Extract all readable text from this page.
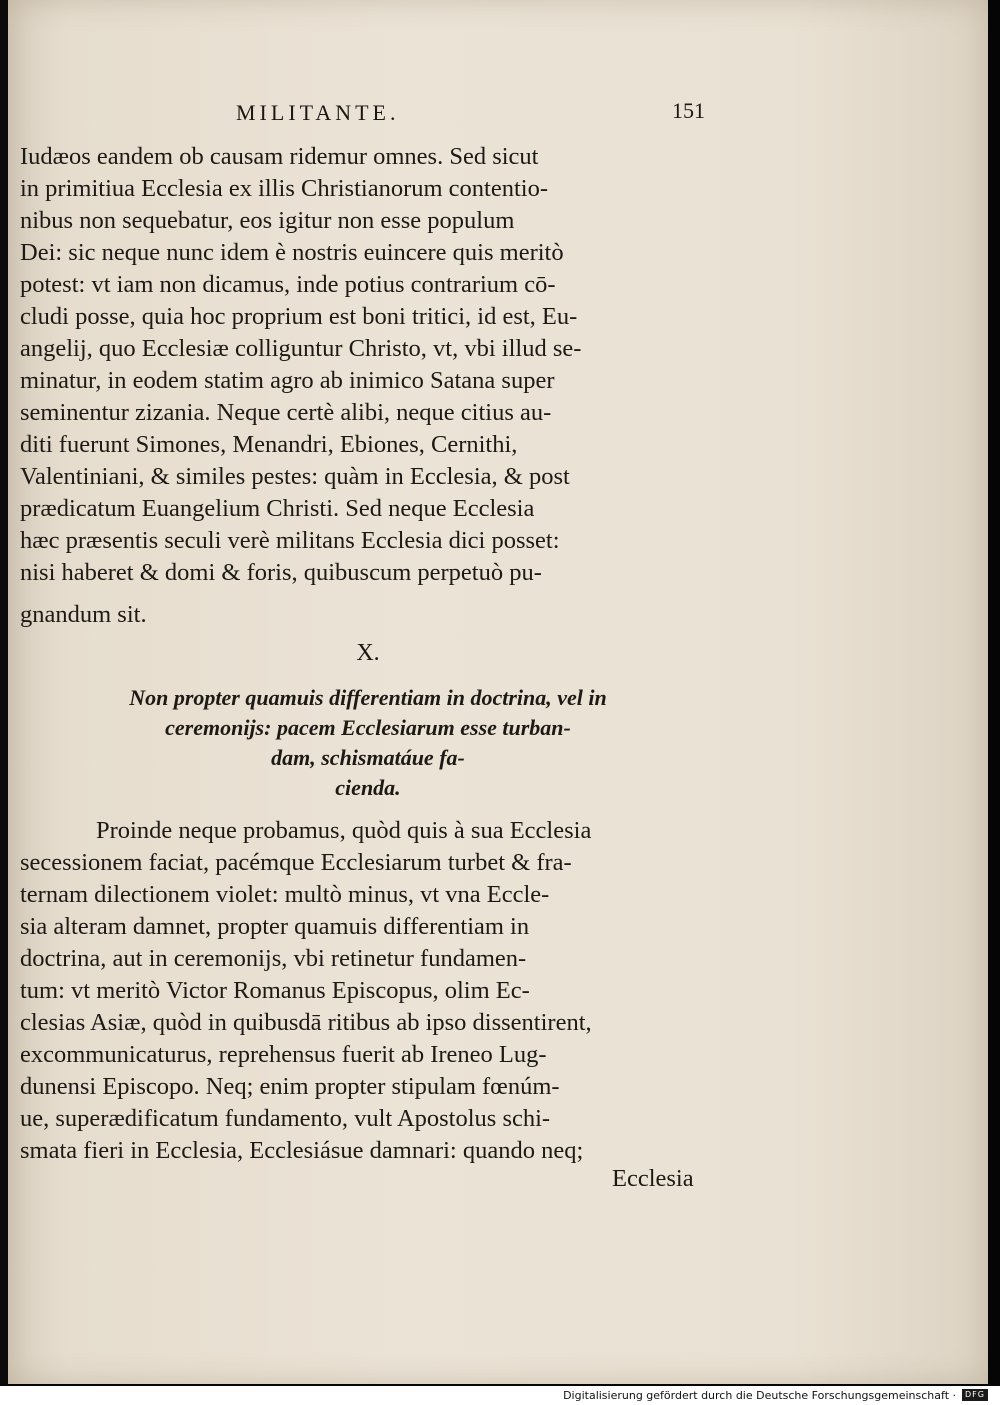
MILITANTE.	151
Iudæos eandem ob causam ridemur omnes. Sed sicut
in primitiua Ecclesia ex illis Christianorum contentio-
nibus non sequebatur, eos igitur non esse populum
Dei: sic neque nunc idem è nostris euincere quis meritò
potest: vt iam non dicamus, inde potius contrarium cō-
cludi posse, quia hoc proprium est boni tritici, id est, Eu-
angelij, quo Ecclesiæ colliguntur Christo, vt, vbi illud se-
minatur, in eodem statim agro ab inimico Satana super
seminentur zizania. Neque certè alibi, neque citius au-
diti fuerunt Simones, Menandri, Ebiones, Cernithi,
Valentiniani, & similes pestes: quàm in Ecclesia, & post
prædicatum Euangelium Christi. Sed neque Ecclesia
hæc præsentis seculi verè militans Ecclesia dici posset:
nisi haberet & domi & foris, quibuscum perpetuò pu-
gnandum sit.
X.
Non propter quamuis differentiam in doctrina, vel in
ceremonijs: pacem Ecclesiarum esse turban-
dam, schismatáue fa-
cienda.
Proinde neque probamus, quòd quis à sua Ecclesia
secessionem faciat, pacémque Ecclesiarum turbet & fra-
ternam dilectionem violet: multò minus, vt vna Eccle-
sia alteram damnet, propter quamuis differentiam in
doctrina, aut in ceremonijs, vbi retinetur fundamen-
tum: vt meritò Victor Romanus Episcopus, olim Ec-
clesias Asiæ, quòd in quibusdā ritibus ab ipso dissentirent,
excommunicaturus, reprehensus fuerit ab Ireneo Lug-
dunensi Episcopo. Neq; enim propter stipulam fœnúm-
ue, superædificatum fundamento, vult Apostolus schi-
smata fieri in Ecclesia, Ecclesiásue damnari: quando neq;
Ecclesia
Digitalisierung gefördert durch die Deutsche Forschungsgemeinschaft ·	DFG
